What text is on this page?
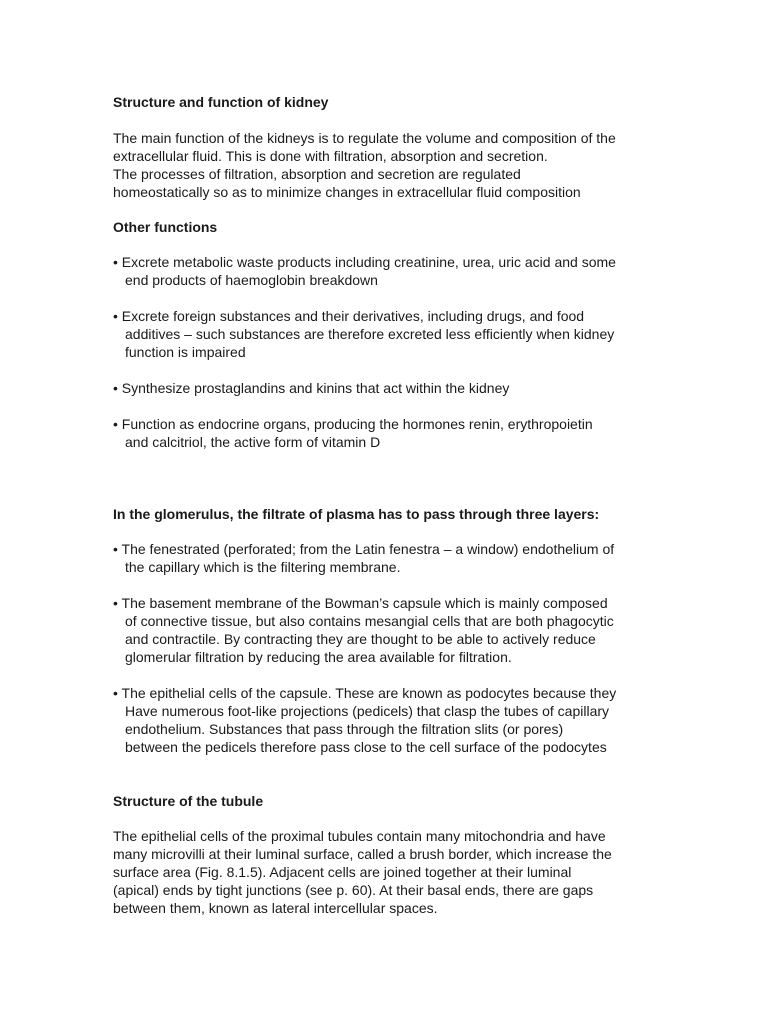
Structure and function of kidney
The main function of the kidneys is to regulate the volume and composition of the
extracellular fluid. This is done with filtration, absorption and secretion.
The processes of filtration, absorption and secretion are regulated
homeostatically so as to minimize changes in extracellular fluid composition
Other functions
• Excrete metabolic waste products including creatinine, urea, uric acid and some
end products of haemoglobin breakdown
• Excrete foreign substances and their derivatives, including drugs, and food
additives – such substances are therefore excreted less efficiently when kidney
function is impaired
• Synthesize prostaglandins and kinins that act within the kidney
• Function as endocrine organs, producing the hormones renin, erythropoietin
and calcitriol, the active form of vitamin D
In the glomerulus, the filtrate of plasma has to pass through three layers:
• The fenestrated (perforated; from the Latin fenestra – a window) endothelium of
the capillary which is the filtering membrane.
• The basement membrane of the Bowman’s capsule which is mainly composed
of connective tissue, but also contains mesangial cells that are both phagocytic
and contractile. By contracting they are thought to be able to actively reduce
glomerular filtration by reducing the area available for filtration.
• The epithelial cells of the capsule. These are known as podocytes because they
Have numerous foot-like projections (pedicels) that clasp the tubes of capillary
endothelium. Substances that pass through the filtration slits (or pores)
between the pedicels therefore pass close to the cell surface of the podocytes
Structure of the tubule
The epithelial cells of the proximal tubules contain many mitochondria and have
many microvilli at their luminal surface, called a brush border, which increase the
surface area (Fig. 8.1.5). Adjacent cells are joined together at their luminal
(apical) ends by tight junctions (see p. 60). At their basal ends, there are gaps
between them, known as lateral intercellular spaces.
